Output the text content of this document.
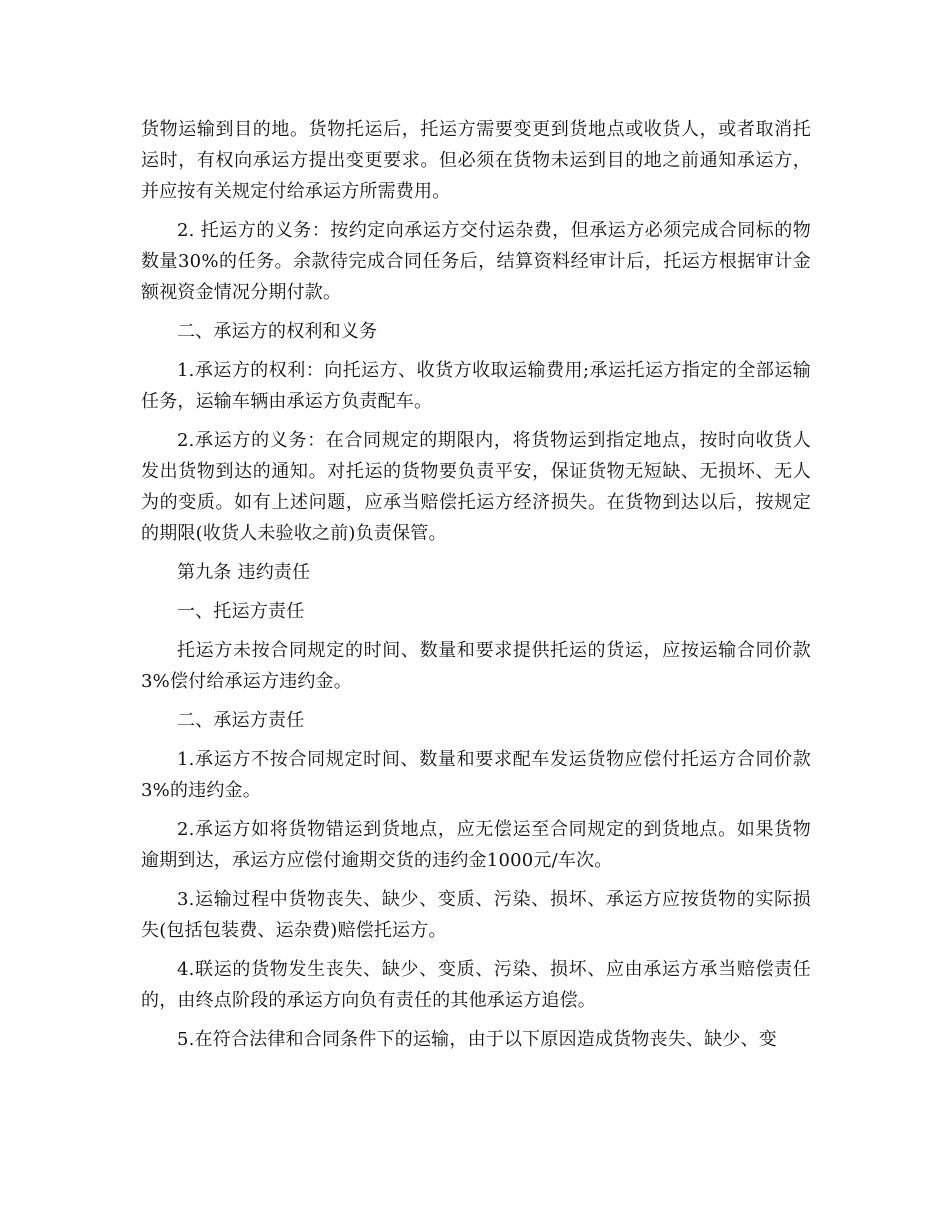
货物运输到目的地。货物托运后，托运方需要变更到货地点或收货人，或者取消托运时，有权向承运方提出变更要求。但必须在货物未运到目的地之前通知承运方，并应按有关规定付给承运方所需费用。

2. 托运方的义务：按约定向承运方交付运杂费，但承运方必须完成合同标的物数量30%的任务。余款待完成合同任务后，结算资料经审计后，托运方根据审计金额视资金情况分期付款。

二、承运方的权利和义务

1.承运方的权利：向托运方、收货方收取运输费用;承运托运方指定的全部运输任务，运输车辆由承运方负责配车。

2.承运方的义务：在合同规定的期限内，将货物运到指定地点，按时向收货人发出货物到达的通知。对托运的货物要负责平安，保证货物无短缺、无损坏、无人为的变质。如有上述问题，应承当赔偿托运方经济损失。在货物到达以后，按规定的期限(收货人未验收之前)负责保管。

第九条 违约责任

一、托运方责任

托运方未按合同规定的时间、数量和要求提供托运的货运，应按运输合同价款3%偿付给承运方违约金。

二、承运方责任

1.承运方不按合同规定时间、数量和要求配车发运货物应偿付托运方合同价款3%的违约金。

2.承运方如将货物错运到货地点，应无偿运至合同规定的到货地点。如果货物逾期到达，承运方应偿付逾期交货的违约金1000元/车次。

3.运输过程中货物丧失、缺少、变质、污染、损坏、承运方应按货物的实际损失(包括包装费、运杂费)赔偿托运方。

4.联运的货物发生丧失、缺少、变质、污染、损坏、应由承运方承当赔偿责任的，由终点阶段的承运方向负有责任的其他承运方追偿。

5.在符合法律和合同条件下的运输，由于以下原因造成货物丧失、缺少、变
